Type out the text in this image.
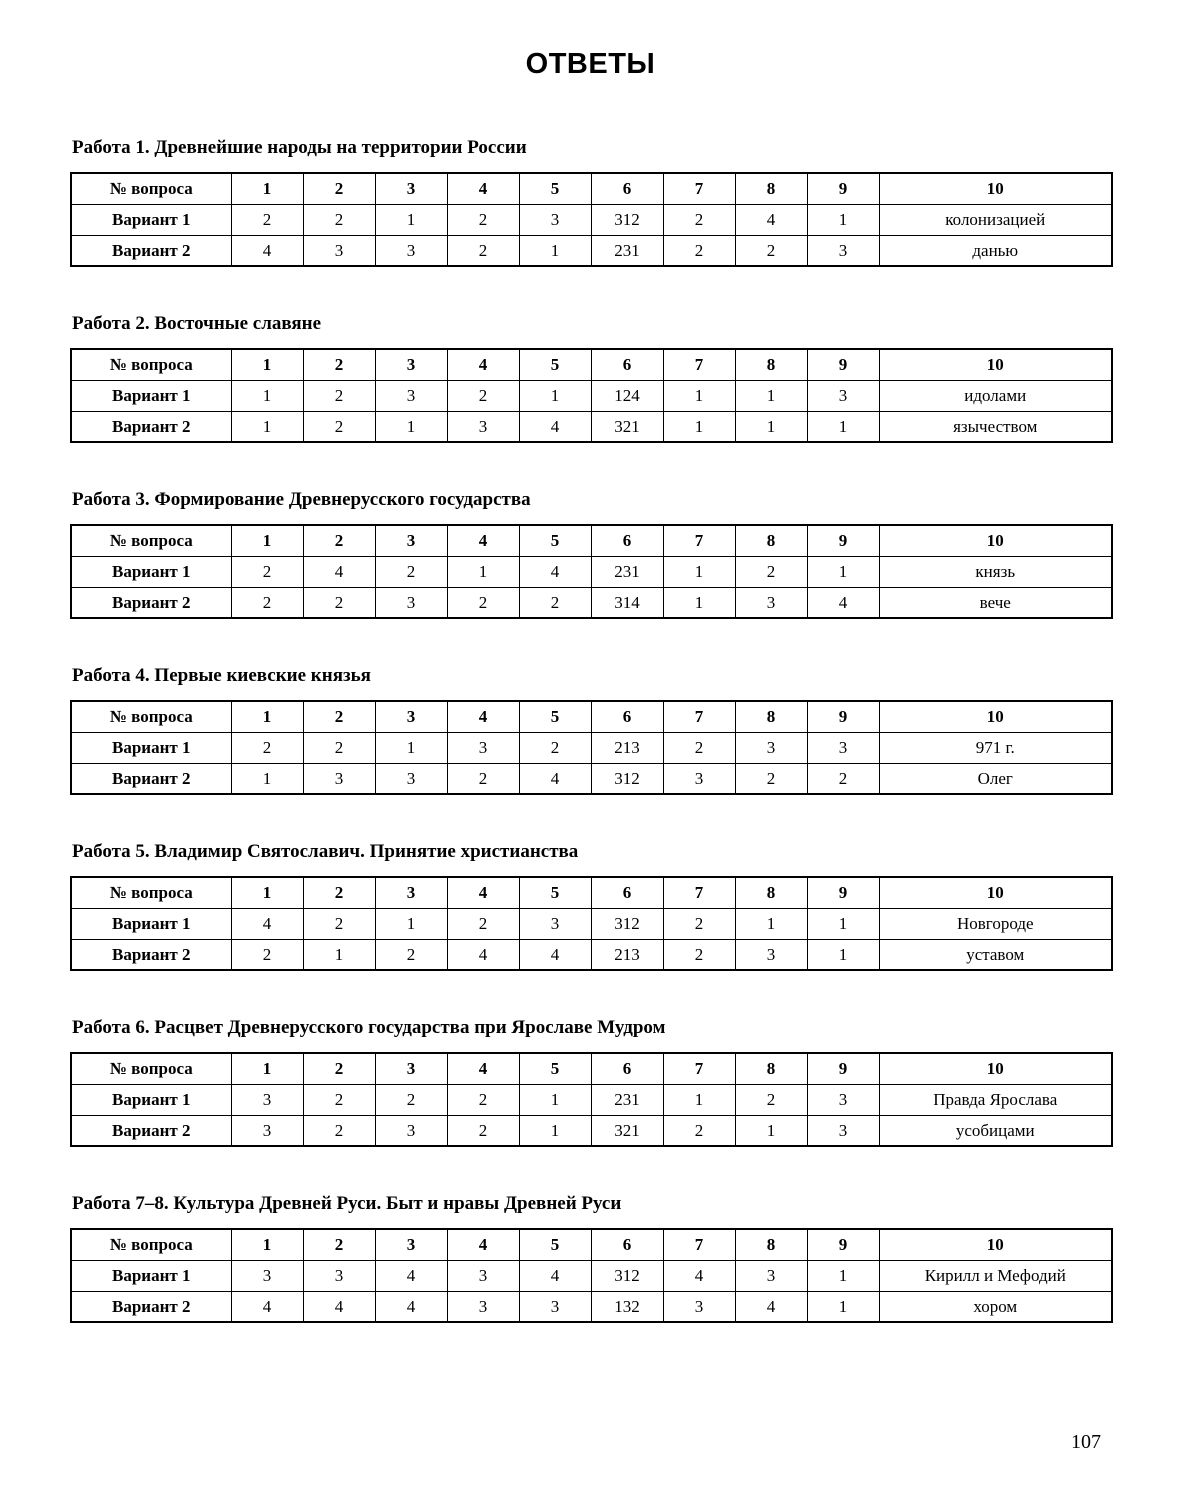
ОТВЕТЫ
Работа 1. Древнейшие народы на территории России
№ вопроса	1	2	3	4	5	6	7	8	9	10
Вариант 1	2	2	1	2	3	312	2	4	1	колонизацией
Вариант 2	4	3	3	2	1	231	2	2	3	данью
Работа 2. Восточные славяне
№ вопроса	1	2	3	4	5	6	7	8	9	10
Вариант 1	1	2	3	2	1	124	1	1	3	идолами
Вариант 2	1	2	1	3	4	321	1	1	1	язычеством
Работа 3. Формирование Древнерусского государства
№ вопроса	1	2	3	4	5	6	7	8	9	10
Вариант 1	2	4	2	1	4	231	1	2	1	князь
Вариант 2	2	2	3	2	2	314	1	3	4	вече
Работа 4. Первые киевские князья
№ вопроса	1	2	3	4	5	6	7	8	9	10
Вариант 1	2	2	1	3	2	213	2	3	3	971 г.
Вариант 2	1	3	3	2	4	312	3	2	2	Олег
Работа 5. Владимир Святославич. Принятие христианства
№ вопроса	1	2	3	4	5	6	7	8	9	10
Вариант 1	4	2	1	2	3	312	2	1	1	Новгороде
Вариант 2	2	1	2	4	4	213	2	3	1	уставом
Работа 6. Расцвет Древнерусского государства при Ярославе Мудром
№ вопроса	1	2	3	4	5	6	7	8	9	10
Вариант 1	3	2	2	2	1	231	1	2	3	Правда Ярослава
Вариант 2	3	2	3	2	1	321	2	1	3	усобицами
Работа 7–8. Культура Древней Руси. Быт и нравы Древней Руси
№ вопроса	1	2	3	4	5	6	7	8	9	10
Вариант 1	3	3	4	3	4	312	4	3	1	Кирилл и Мефодий
Вариант 2	4	4	4	3	3	132	3	4	1	хором
107
